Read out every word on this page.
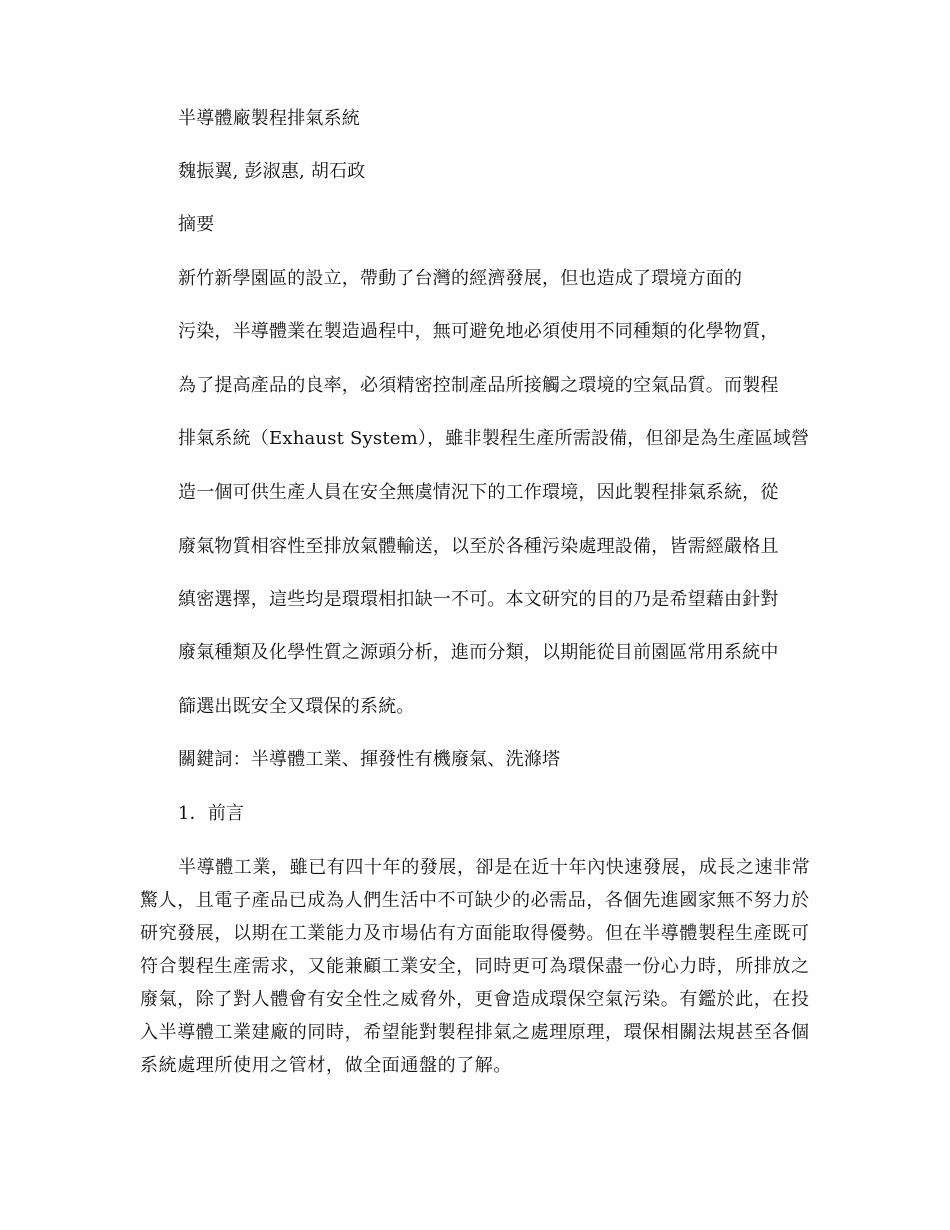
半導體廠製程排氣系統
魏振翼, 彭淑惠, 胡石政
摘要
新竹新學園區的設立，帶動了台灣的經濟發展，但也造成了環境方面的
污染，半導體業在製造過程中，無可避免地必須使用不同種類的化學物質，
為了提高產品的良率，必須精密控制產品所接觸之環境的空氣品質。而製程
排氣系統（Exhaust System），雖非製程生產所需設備，但卻是為生產區域營
造一個可供生產人員在安全無虞情況下的工作環境，因此製程排氣系統，從
廢氣物質相容性至排放氣體輸送，以至於各種污染處理設備，皆需經嚴格且
縝密選擇，這些均是環環相扣缺一不可。本文研究的目的乃是希望藉由針對
廢氣種類及化學性質之源頭分析，進而分類，以期能從目前園區常用系統中
篩選出既安全又環保的系統。
關鍵詞：半導體工業、揮發性有機廢氣、洗滌塔
1．前言
半導體工業，雖已有四十年的發展，卻是在近十年內快速發展，成長之速非常
驚人，且電子產品已成為人們生活中不可缺少的必需品，各個先進國家無不努力於
研究發展，以期在工業能力及市場佔有方面能取得優勢。但在半導體製程生產既可
符合製程生產需求，又能兼顧工業安全，同時更可為環保盡一份心力時，所排放之
廢氣，除了對人體會有安全性之威脅外，更會造成環保空氣污染。有鑑於此，在投
入半導體工業建廠的同時，希望能對製程排氣之處理原理，環保相關法規甚至各個
系統處理所使用之管材，做全面通盤的了解。
